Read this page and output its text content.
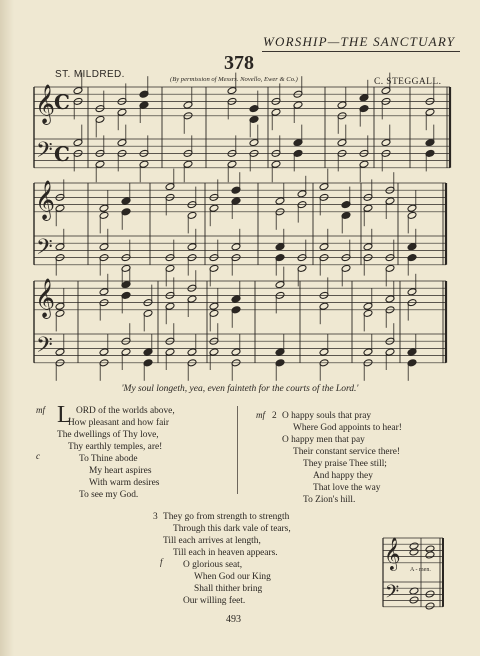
WORSHIP—THE SANCTUARY
378
ST. MILDRED.	(By permission of Messrs. Novello, Ewer & Co.)	C. STEGGALL.
𝄞
𝄢
C
C
𝄞
𝄢
𝄞
𝄢
𝄞
𝄢
'My soul longeth, yea, even fainteth for the courts of the Lord.'
mf L ORD of the worlds above,
How pleasant and how fair
The dwellings of Thy love,
Thy earthly temples, are!
c	To Thine abode
My heart aspires
With warm desires
To see my God.
mf 2 O happy souls that pray
Where God appoints to hear!
O happy men that pay
Their constant service there!
They praise Thee still;
And happy they
That love the way
To Zion's hill.
3 They go from strength to strength
Through this dark vale of tears,
Till each arrives at length,
Till each in heaven appears.
f O glorious seat,
When God our King
Shall thither bring
Our willing feet.
A - men.
493
